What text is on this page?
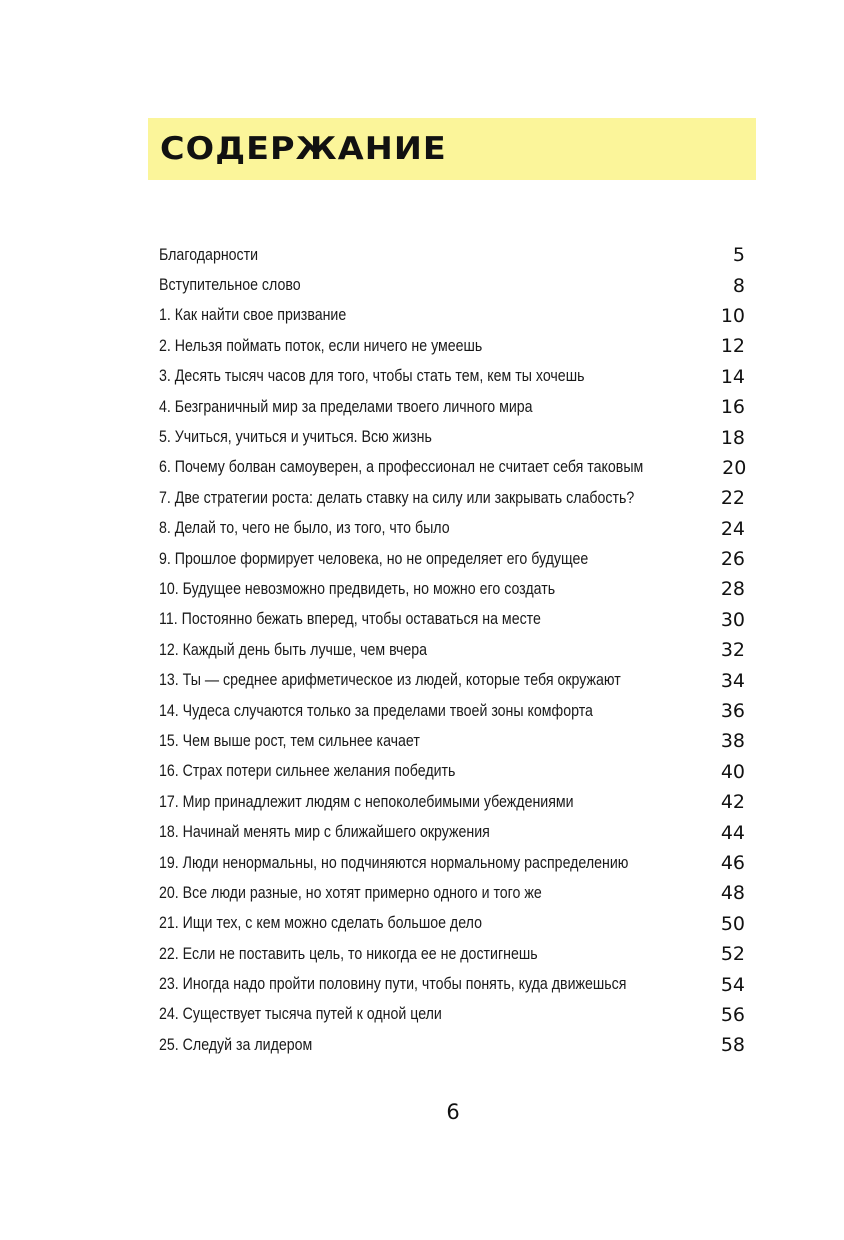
СОДЕРЖАНИЕ
Благодарности	5
Вступительное слово	8
1. Как найти свое призвание	10
2. Нельзя поймать поток, если ничего не умеешь	12
3. Десять тысяч часов для того, чтобы стать тем, кем ты хочешь	14
4. Безграничный мир за пределами твоего личного мира	16
5. Учиться, учиться и учиться. Всю жизнь	18
6. Почему болван самоуверен, а профессионал не считает себя таковым	20
7. Две стратегии роста: делать ставку на силу или закрывать слабость?	22
8. Делай то, чего не было, из того, что было	24
9. Прошлое формирует человека, но не определяет его будущее	26
10. Будущее невозможно предвидеть, но можно его создать	28
11. Постоянно бежать вперед, чтобы оставаться на месте	30
12. Каждый день быть лучше, чем вчера	32
13. Ты — среднее арифметическое из людей, которые тебя окружают	34
14. Чудеса случаются только за пределами твоей зоны комфорта	36
15. Чем выше рост, тем сильнее качает	38
16. Страх потери сильнее желания победить	40
17. Мир принадлежит людям с непоколебимыми убеждениями	42
18. Начинай менять мир с ближайшего окружения	44
19. Люди ненормальны, но подчиняются нормальному распределению	46
20. Все люди разные, но хотят примерно одного и того же	48
21. Ищи тех, с кем можно сделать большое дело	50
22. Если не поставить цель, то никогда ее не достигнешь	52
23. Иногда надо пройти половину пути, чтобы понять, куда движешься	54
24. Существует тысяча путей к одной цели	56
25. Следуй за лидером	58
6
